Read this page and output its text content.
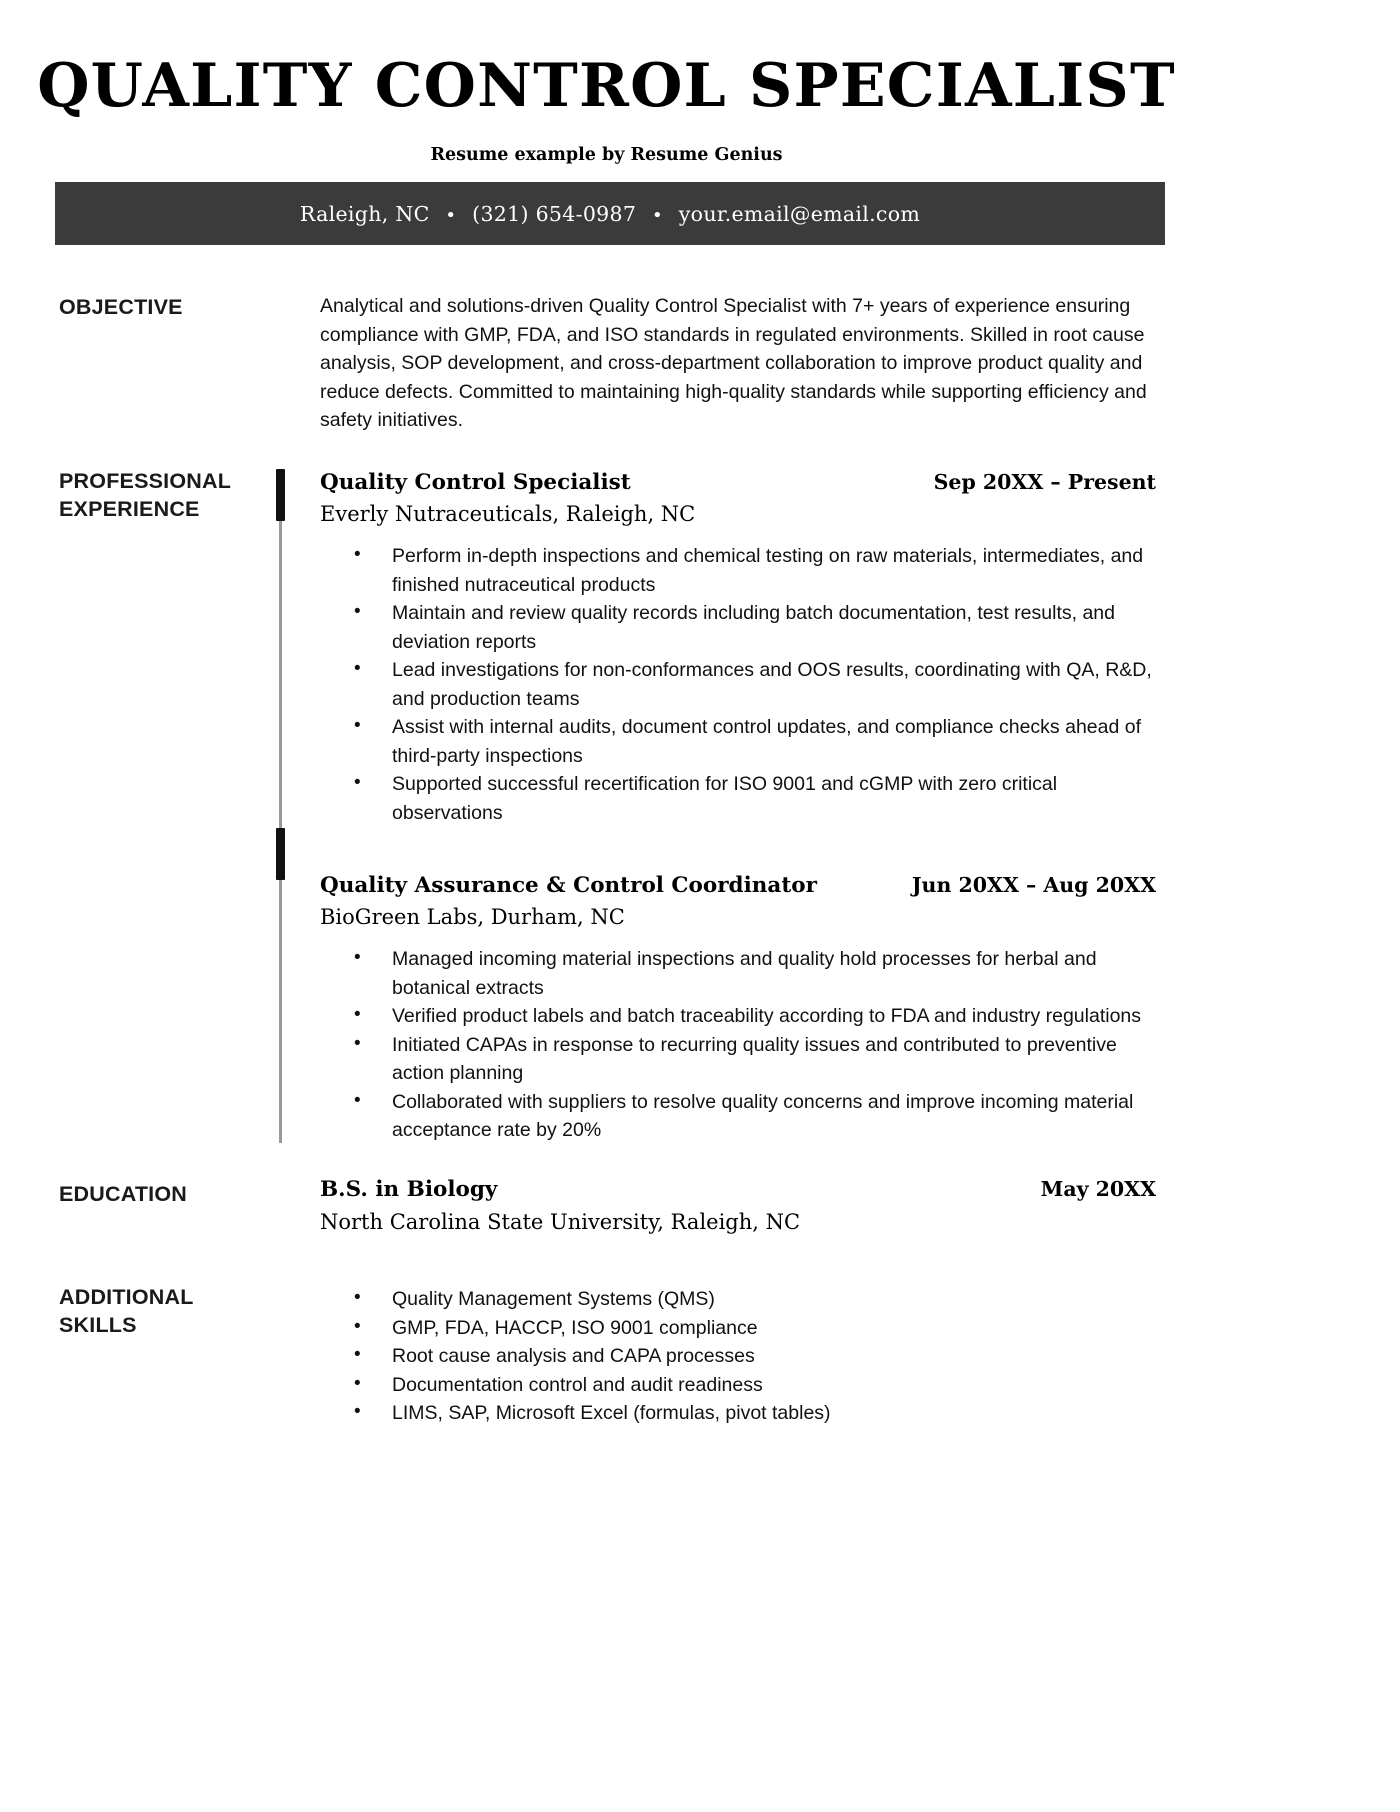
QUALITY CONTROL SPECIALIST
Resume example by Resume Genius
Raleigh, NC • (321) 654-0987 • your.email@email.com
OBJECTIVE	Analytical and solutions-driven Quality Control Specialist with 7+ years of experience ensuring compliance with GMP, FDA, and ISO standards in regulated environments. Skilled in root cause analysis, SOP development, and cross-department collaboration to improve product quality and reduce defects. Committed to maintaining high-quality standards while supporting efficiency and safety initiatives.
PROFESSIONAL
EXPERIENCE
Quality Control Specialist	Sep 20XX – Present
Everly Nutraceuticals, Raleigh, NC
• Perform in-depth inspections and chemical testing on raw materials, intermediates, and finished nutraceutical products
• Maintain and review quality records including batch documentation, test results, and deviation reports
• Lead investigations for non-conformances and OOS results, coordinating with QA, R&D, and production teams
• Assist with internal audits, document control updates, and compliance checks ahead of third-party inspections
• Supported successful recertification for ISO 9001 and cGMP with zero critical observations
Quality Assurance & Control Coordinator	Jun 20XX – Aug 20XX
BioGreen Labs, Durham, NC
• Managed incoming material inspections and quality hold processes for herbal and botanical extracts
• Verified product labels and batch traceability according to FDA and industry regulations
• Initiated CAPAs in response to recurring quality issues and contributed to preventive action planning
• Collaborated with suppliers to resolve quality concerns and improve incoming material acceptance rate by 20%
EDUCATION	B.S. in Biology	May 20XX
North Carolina State University, Raleigh, NC
ADDITIONAL
SKILLS
• Quality Management Systems (QMS)
• GMP, FDA, HACCP, ISO 9001 compliance
• Root cause analysis and CAPA processes
• Documentation control and audit readiness
• LIMS, SAP, Microsoft Excel (formulas, pivot tables)
